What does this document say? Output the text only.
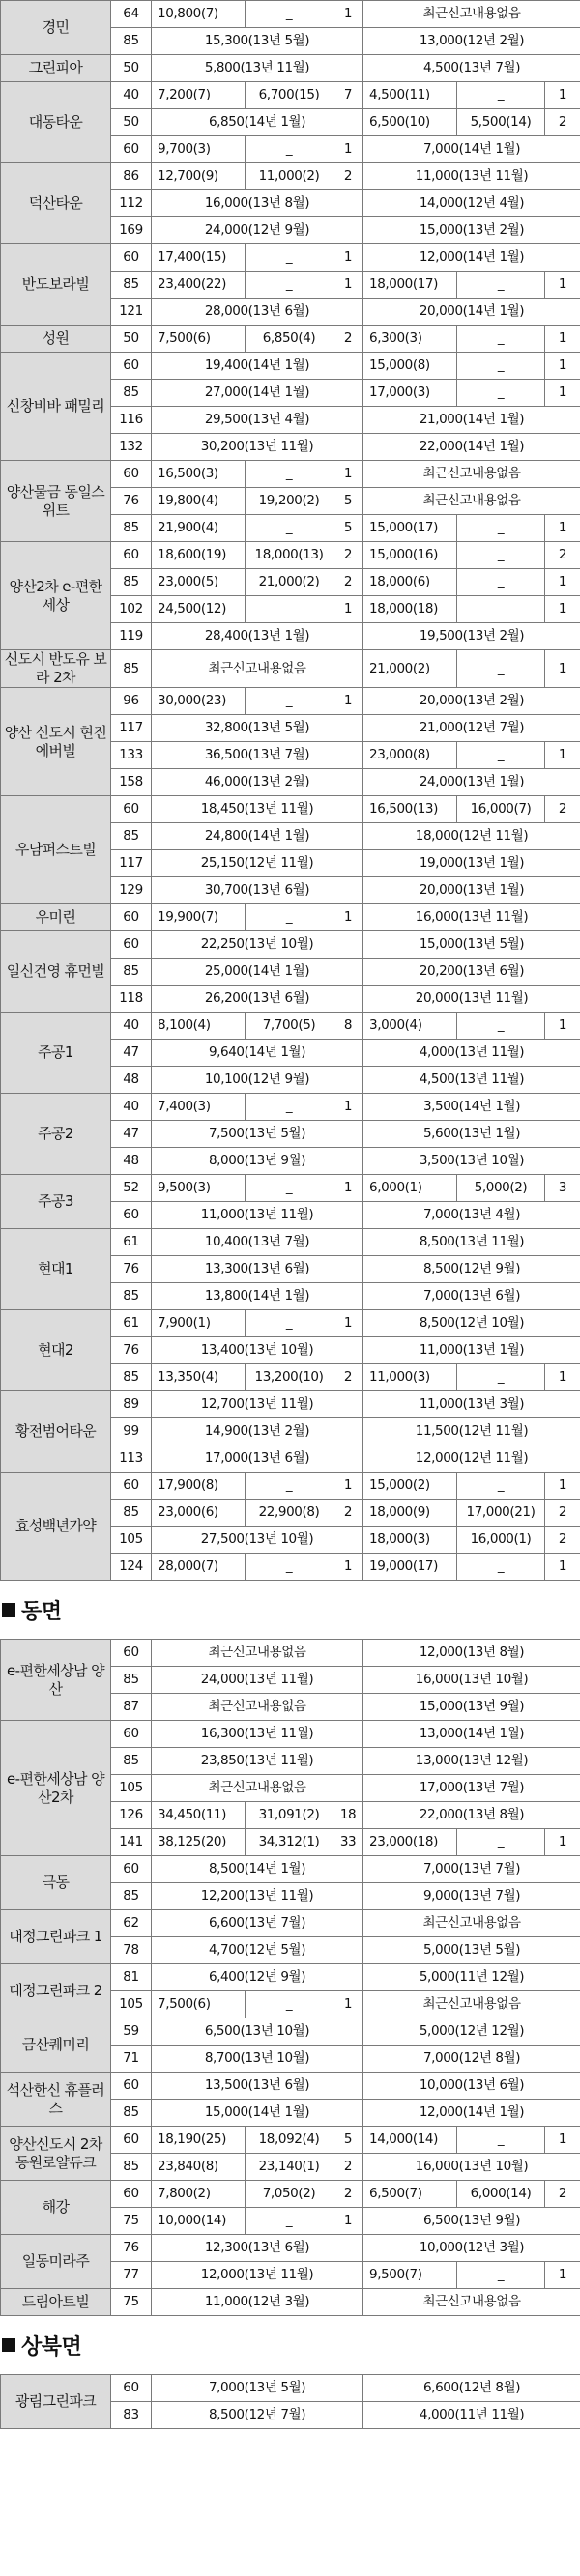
경민	64	10,800(7)	_	1	최근신고내용없음		
	85	15,300(13년 5월)			13,000(12년 2월)		
그린피아	50	5,800(13년 11월)			4,500(13년 7월)		
대동타운	40	7,200(7)	6,700(15)	7	4,500(11)	_	1
	50	6,850(14년 1월)			6,500(10)	5,500(14)	2
	60	9,700(3)	_	1	7,000(14년 1월)		
덕산타운	86	12,700(9)	11,000(2)	2	11,000(13년 11월)		
	112	16,000(13년 8월)			14,000(12년 4월)		
	169	24,000(12년 9월)			15,000(13년 2월)		
반도보라빌	60	17,400(15)	_	1	12,000(14년 1월)		
	85	23,400(22)	_	1	18,000(17)	_	1
	121	28,000(13년 6월)			20,000(14년 1월)		
성원	50	7,500(6)	6,850(4)	2	6,300(3)	_	1
신창비바 패밀리	60	19,400(14년 1월)			15,000(8)	_	1
	85	27,000(14년 1월)			17,000(3)	_	1
	116	29,500(13년 4월)			21,000(14년 1월)		
	132	30,200(13년 11월)			22,000(14년 1월)		
양산물금 동일스위트	60	16,500(3)	_	1	최근신고내용없음		
	76	19,800(4)	19,200(2)	5	최근신고내용없음		
	85	21,900(4)	_	5	15,000(17)	_	1
양산2차 e-편한세상	60	18,600(19)	18,000(13)	2	15,000(16)	_	2
	85	23,000(5)	21,000(2)	2	18,000(6)	_	1
	102	24,500(12)	_	1	18,000(18)	_	1
	119	28,400(13년 1월)			19,500(13년 2월)		
신도시 반도유 보라 2차	85	최근신고내용없음			21,000(2)	_	1
양산 신도시 현진에버빌	96	30,000(23)	_	1	20,000(13년 2월)		
	117	32,800(13년 5월)			21,000(12년 7월)		
	133	36,500(13년 7월)			23,000(8)	_	1
	158	46,000(13년 2월)			24,000(13년 1월)		
우남퍼스트빌	60	18,450(13년 11월)			16,500(13)	16,000(7)	2
	85	24,800(14년 1월)			18,000(12년 11월)		
	117	25,150(12년 11월)			19,000(13년 1월)		
	129	30,700(13년 6월)			20,000(13년 1월)		
우미린	60	19,900(7)	_	1	16,000(13년 11월)		
일신건영 휴먼빌	60	22,250(13년 10월)			15,000(13년 5월)		
	85	25,000(14년 1월)			20,200(13년 6월)		
	118	26,200(13년 6월)			20,000(13년 11월)		
주공1	40	8,100(4)	7,700(5)	8	3,000(4)	_	1
	47	9,640(14년 1월)			4,000(13년 11월)		
	48	10,100(12년 9월)			4,500(13년 11월)		
주공2	40	7,400(3)	_	1	3,500(14년 1월)		
	47	7,500(13년 5월)			5,600(13년 1월)		
	48	8,000(13년 9월)			3,500(13년 10월)		
주공3	52	9,500(3)	_	1	6,000(1)	5,000(2)	3
	60	11,000(13년 11월)			7,000(13년 4월)		
현대1	61	10,400(13년 7월)			8,500(13년 11월)		
	76	13,300(13년 6월)			8,500(12년 9월)		
	85	13,800(14년 1월)			7,000(13년 6월)		
현대2	61	7,900(1)	_	1	8,500(12년 10월)		
	76	13,400(13년 10월)			11,000(13년 1월)		
	85	13,350(4)	13,200(10)	2	11,000(3)	_	1
황전범어타운	89	12,700(13년 11월)			11,000(13년 3월)		
	99	14,900(13년 2월)			11,500(12년 11월)		
	113	17,000(13년 6월)			12,000(12년 11월)		
효성백년가약	60	17,900(8)	_	1	15,000(2)	_	1
	85	23,000(6)	22,900(8)	2	18,000(9)	17,000(21)	2
	105	27,500(13년 10월)			18,000(3)	16,000(1)	2
	124	28,000(7)	_	1	19,000(17)	_	1
동면
e-편한세상남 양산	60	최근신고내용없음			12,000(13년 8월)		
	85	24,000(13년 11월)			16,000(13년 10월)		
	87	최근신고내용없음			15,000(13년 9월)		
e-편한세상남 양산2차	60	16,300(13년 11월)			13,000(14년 1월)		
	85	23,850(13년 11월)			13,000(13년 12월)		
	105	최근신고내용없음			17,000(13년 7월)		
	126	34,450(11)	31,091(2)	18	22,000(13년 8월)		
	141	38,125(20)	34,312(1)	33	23,000(18)	_	1
극동	60	8,500(14년 1월)			7,000(13년 7월)		
	85	12,200(13년 11월)			9,000(13년 7월)		
대정그린파크 1	62	6,600(13년 7월)			최근신고내용없음		
	78	4,700(12년 5월)			5,000(13년 5월)		
대정그린파크 2	81	6,400(12년 9월)			5,000(11년 12월)		
	105	7,500(6)	_	1	최근신고내용없음		
금산퀘미리	59	6,500(13년 10월)			5,000(12년 12월)		
	71	8,700(13년 10월)			7,000(12년 8월)		
석산한신 휴플러스	60	13,500(13년 6월)			10,000(13년 6월)		
	85	15,000(14년 1월)			12,000(14년 1월)		
양산신도시 2차 동원로얄듀크	60	18,190(25)	18,092(4)	5	14,000(14)	_	1
	85	23,840(8)	23,140(1)	2	16,000(13년 10월)		
해강	60	7,800(2)	7,050(2)	2	6,500(7)	6,000(14)	2
	75	10,000(14)	_	1	6,500(13년 9월)		
일동미라주	76	12,300(13년 6월)			10,000(12년 3월)		
	77	12,000(13년 11월)			9,500(7)	_	1
드림아트빌	75	11,000(12년 3월)			최근신고내용없음		
상북면
광림그린파크	60	7,000(13년 5월)	6,600(12년 8월)
	83	8,500(12년 7월)	4,000(11년 11월)
